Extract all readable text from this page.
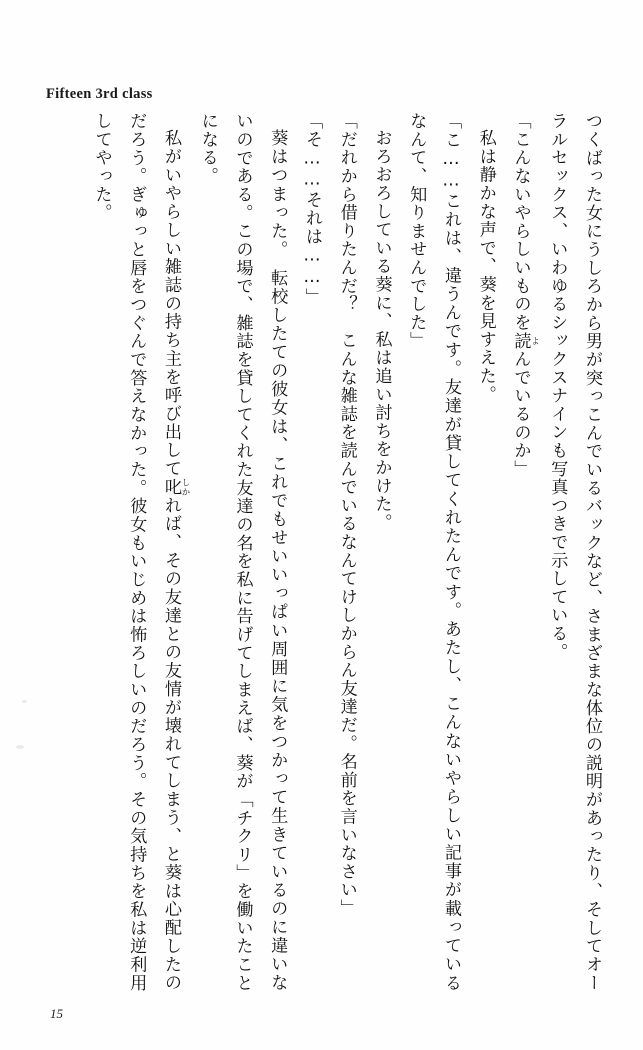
Fifteen 3rd class

つくばった女にうしろから男が突っこんでいるバックなど、さまざまな体位の説明があったり、そしてオーラルセックス、いわゆるシックスナインも写真つきで示している。

「こんないやらしいものを読 よんでいるのか」

私は静かな声で、葵を見すえた。

「こ……これは、違うんです。友達が貸してくれたんです。あたし、こんないやらしい記事が載っているなんて、知りませんでした」

おろおろしている葵に、私は追い討ちをかけた。

「だれから借りたんだ？　こんな雑誌を読んでいるなんてけしからん友達だ。名前を言いなさい」

「そ……それは……」

葵はつまった。　転校したての彼女は、これでもせいいっぱい周囲に気をつかって生きているのに違いないのである。この場で、雑誌を貸してくれた友達の名を私に告げてしまえば、葵が「チクリ」を働いたことになる。

私がいやらしい雑誌の持ち主を呼び出して叱 しかれば、その友達との友情が壊れてしまう、と葵は心配したのだろう。ぎゅっと唇をつぐんで答えなかった。彼女もいじめは怖ろしいのだろう。その気持ちを私は逆利用してやった。

15
